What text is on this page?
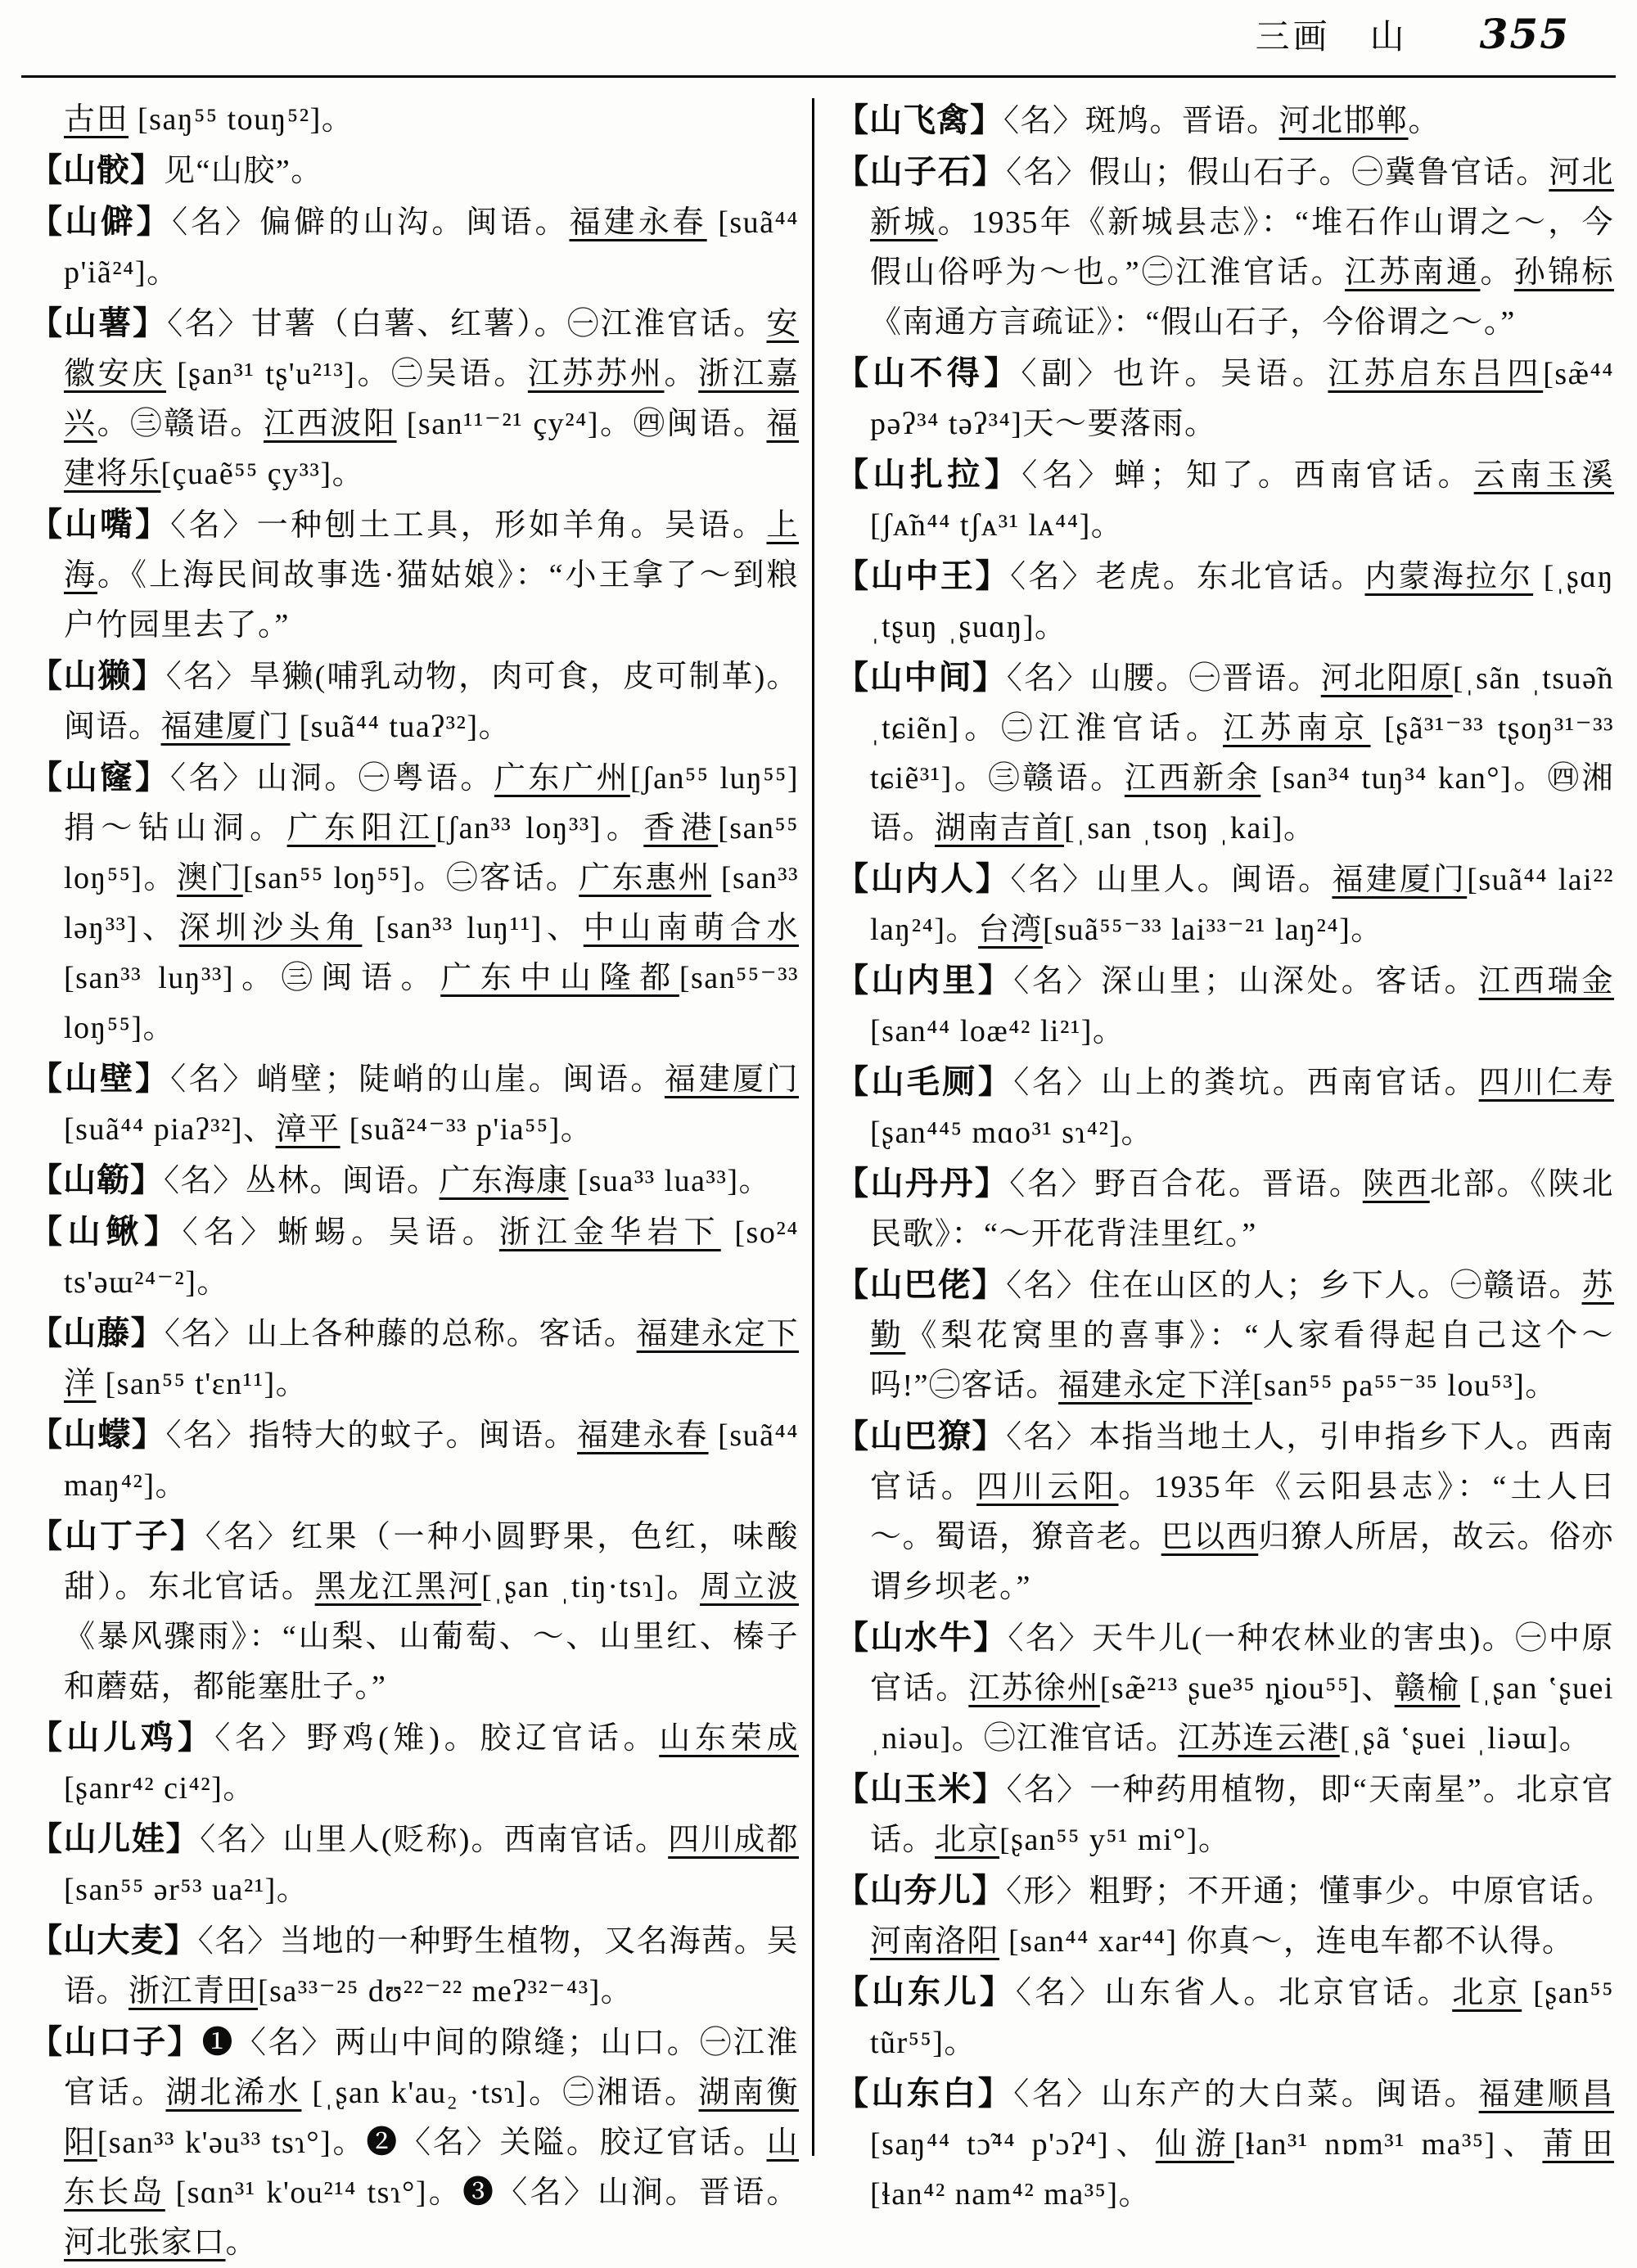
三画 山 355
古田 [saŋ⁵⁵ touŋ⁵²]。
【山骹】见“山胶”。
【山僻】〈名〉偏僻的山沟。闽语。福建永春 [suã⁴⁴ p'iã²⁴]。
【山薯】〈名〉甘薯（白薯、红薯）。㊀江淮官话。安徽安庆 [ʂan³¹ tʂ'u²¹³]。㊁吴语。江苏苏州。浙江嘉兴。㊂赣语。江西波阳 [san¹¹⁻²¹ çy²⁴]。㊃闽语。福建将乐[çuaẽ⁵⁵ çy³³]。
【山嘴】〈名〉一种刨土工具，形如羊角。吴语。上海。《上海民间故事选·猫姑娘》：“小王拿了～到粮户竹园里去了。”
【山獭】〈名〉旱獭(哺乳动物，肉可食，皮可制革)。闽语。福建厦门 [suã⁴⁴ tuaʔ³²]。
【山窿】〈名〉山洞。㊀粤语。广东广州[ʃan⁵⁵ luŋ⁵⁵]捐～钻山洞。广东阳江[ʃan³³ loŋ³³]。香港[san⁵⁵ loŋ⁵⁵]。澳门[san⁵⁵ loŋ⁵⁵]。㊁客话。广东惠州 [san³³ ləŋ³³]、深圳沙头角 [san³³ luŋ¹¹]、中山南萌合水 [san³³ luŋ³³]。㊂闽语。广东中山隆都[san⁵⁵⁻³³ loŋ⁵⁵]。
【山壁】〈名〉峭壁；陡峭的山崖。闽语。福建厦门[suã⁴⁴ piaʔ³²]、漳平 [suã²⁴⁻³³ p'ia⁵⁵]。
【山簕】〈名〉丛林。闽语。广东海康 [sua³³ lua³³]。
【山鳅】〈名〉蜥蜴。吴语。浙江金华岩下 [so²⁴ ts'əɯ²⁴⁻²]。
【山藤】〈名〉山上各种藤的总称。客话。福建永定下洋 [san⁵⁵ t'ɛn¹¹]。
【山蠓】〈名〉指特大的蚊子。闽语。福建永春 [suã⁴⁴ maŋ⁴²]。
【山丁子】〈名〉红果（一种小圆野果，色红，味酸甜）。东北官话。黑龙江黑河[ˌʂan ˌtiŋ·tsɿ]。周立波《暴风骤雨》：“山梨、山葡萄、～、山里红、榛子和蘑菇，都能塞肚子。”
【山儿鸡】〈名〉野鸡(雉)。胶辽官话。山东荣成[ʂanr⁴² ci⁴²]。
【山儿娃】〈名〉山里人(贬称)。西南官话。四川成都 [san⁵⁵ ər⁵³ ua²¹]。
【山大麦】〈名〉当地的一种野生植物，又名海茜。吴语。浙江青田[sa³³⁻²⁵ dʊ²²⁻²² meʔ³²⁻⁴³]。
【山口子】❶〈名〉两山中间的隙缝；山口。㊀江淮官话。湖北浠水 [ˌʂan k'au₂ ·tsɿ]。㊁湘语。湖南衡阳[san³³ k'əu³³ tsɿ°]。❷〈名〉关隘。胶辽官话。山东长岛 [sɑn³¹ k'ou²¹⁴ tsɿ°]。❸〈名〉山涧。晋语。河北张家口。
【山飞禽】〈名〉斑鸠。晋语。河北邯郸。
【山子石】〈名〉假山；假山石子。㊀冀鲁官话。河北新城。1935年《新城县志》：“堆石作山谓之～，今假山俗呼为～也。”㊁江淮官话。江苏南通。孙锦标《南通方言疏证》：“假山石子，今俗谓之～。”
【山不得】〈副〉也许。吴语。江苏启东吕四[sæ̃⁴⁴ pəʔ³⁴ təʔ³⁴]天～要落雨。
【山扎拉】〈名〉蝉；知了。西南官话。云南玉溪[ʃᴀ̃n⁴⁴ tʃᴀ³¹ lᴀ⁴⁴]。
【山中王】〈名〉老虎。东北官话。内蒙海拉尔 [ˌʂɑŋ ˌtʂuŋ ˌʂuɑŋ]。
【山中间】〈名〉山腰。㊀晋语。河北阳原[ˌsãn ˌtsuə̃n ˌtɕiẽn]。㊁江淮官话。江苏南京 [ʂã³¹⁻³³ tʂoŋ³¹⁻³³ tɕiẽ³¹]。㊂赣语。江西新余 [san³⁴ tuŋ³⁴ kan°]。㊃湘语。湖南吉首[ˌsan ˌtsoŋ ˌkai]。
【山内人】〈名〉山里人。闽语。福建厦门[suã⁴⁴ lai²² laŋ²⁴]。台湾[suã⁵⁵⁻³³ lai³³⁻²¹ laŋ²⁴]。
【山内里】〈名〉深山里；山深处。客话。江西瑞金 [san⁴⁴ loæ⁴² li²¹]。
【山毛厕】〈名〉山上的粪坑。西南官话。四川仁寿 [ʂan⁴⁴⁵ mɑo³¹ sɿ⁴²]。
【山丹丹】〈名〉野百合花。晋语。陕西北部。《陕北民歌》：“～开花背洼里红。”
【山巴佬】〈名〉住在山区的人；乡下人。㊀赣语。苏勤《梨花窝里的喜事》：“人家看得起自己这个～吗!”㊁客话。福建永定下洋[san⁵⁵ pa⁵⁵⁻³⁵ lou⁵³]。
【山巴獠】〈名〉本指当地土人，引申指乡下人。西南官话。四川云阳。1935年《云阳县志》：“土人曰～。蜀语，獠音老。巴以西归獠人所居，故云。俗亦谓乡坝老。”
【山水牛】〈名〉天牛儿(一种农林业的害虫)。㊀中原官话。江苏徐州[sæ̃²¹³ ʂue³⁵ ȵiou⁵⁵]、赣榆 [ˌʂan ʽʂuei ˌniəu]。㊁江淮官话。江苏连云港[ˌʂã ʽʂuei ˌliəɯ]。
【山玉米】〈名〉一种药用植物，即“天南星”。北京官话。北京[ʂan⁵⁵ y⁵¹ mi°]。
【山夯儿】〈形〉粗野；不开通；懂事少。中原官话。河南洛阳 [san⁴⁴ xar⁴⁴] 你真～，连电车都不认得。
【山东儿】〈名〉山东省人。北京官话。北京 [ʂan⁵⁵ tũr⁵⁵]。
【山东白】〈名〉山东产的大白菜。闽语。福建顺昌 [saŋ⁴⁴ tɔ̃⁴⁴ p'ɔʔ⁴]、仙游[ɬan³¹ nɒm³¹ ma³⁵]、莆田 [ɬan⁴² nam⁴² ma³⁵]。
